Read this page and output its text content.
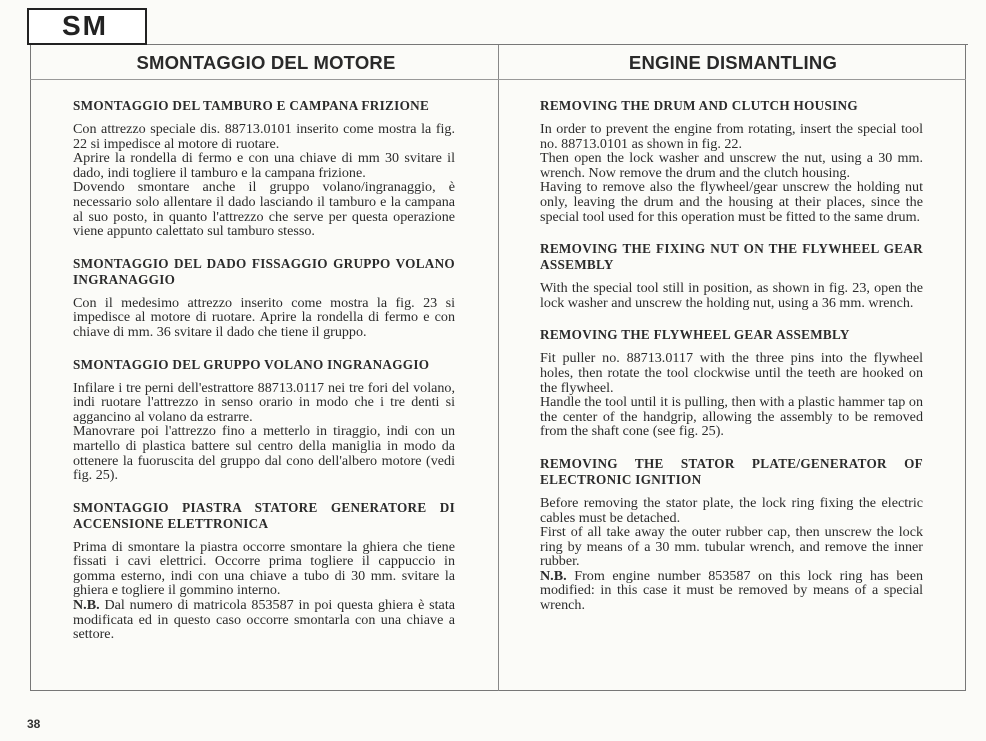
SM
SMONTAGGIO DEL MOTORE	ENGINE DISMANTLING
SMONTAGGIO DEL TAMBURO E CAMPANA FRIZIONE

Con attrezzo speciale dis. 88713.0101 inserito come mostra la fig. 22 si impedisce al motore di ruotare.

Aprire la rondella di fermo e con una chiave di mm 30 svitare il dado, indi togliere il tamburo e la campana frizione.

Dovendo smontare anche il gruppo volano/ingranaggio, è necessario solo allentare il dado lasciando il tamburo e la campana al suo posto, in quanto l'attrezzo che serve per questa operazione viene appunto calettato sul tamburo stesso.

SMONTAGGIO DEL DADO FISSAGGIO GRUPPO VOLANO INGRANAGGIO

Con il medesimo attrezzo inserito come mostra la fig. 23 si impedisce al motore di ruotare. Aprire la rondella di fermo e con chiave di mm. 36 svitare il dado che tiene il gruppo.

SMONTAGGIO DEL GRUPPO VOLANO INGRANAGGIO

Infilare i tre perni dell'estrattore 88713.0117 nei tre fori del volano, indi ruotare l'attrezzo in senso orario in modo che i tre denti si aggancino al volano da estrarre.

Manovrare poi l'attrezzo fino a metterlo in tiraggio, indi con un martello di plastica battere sul centro della maniglia in modo da ottenere la fuoruscita del gruppo dal cono dell'albero motore (vedi fig. 25).

SMONTAGGIO PIASTRA STATORE GENERATORE DI ACCENSIONE ELETTRONICA

Prima di smontare la piastra occorre smontare la ghiera che tiene fissati i cavi elettrici. Occorre prima togliere il cappuccio in gomma esterno, indi con una chiave a tubo di 30 mm. svitare la ghiera e togliere il gommino interno.

N.B. Dal numero di matricola 853587 in poi questa ghiera è stata modificata ed in questo caso occorre smontarla con una chiave a settore.

REMOVING THE DRUM AND CLUTCH HOUSING

In order to prevent the engine from rotating, insert the special tool no. 88713.0101 as shown in fig. 22.

Then open the lock washer and unscrew the nut, using a 30 mm. wrench. Now remove the drum and the clutch housing.

Having to remove also the flywheel/gear unscrew the holding nut only, leaving the drum and the housing at their places, since the special tool used for this operation must be fitted to the same drum.

REMOVING THE FIXING NUT ON THE FLYWHEEL GEAR ASSEMBLY

With the special tool still in position, as shown in fig. 23, open the lock washer and unscrew the holding nut, using a 36 mm. wrench.

REMOVING THE FLYWHEEL GEAR ASSEMBLY

Fit puller no. 88713.0117 with the three pins into the flywheel holes, then rotate the tool clockwise until the teeth are hooked on the flywheel.

Handle the tool until it is pulling, then with a plastic hammer tap on the center of the handgrip, allowing the assembly to be removed from the shaft cone (see fig. 25).

REMOVING THE STATOR PLATE/GENERATOR OF ELECTRONIC IGNITION

Before removing the stator plate, the lock ring fixing the electric cables must be detached.

First of all take away the outer rubber cap, then unscrew the lock ring by means of a 30 mm. tubular wrench, and remove the inner rubber.

N.B. From engine number 853587 on this lock ring has been modified: in this case it must be removed by means of a special wrench.

38
